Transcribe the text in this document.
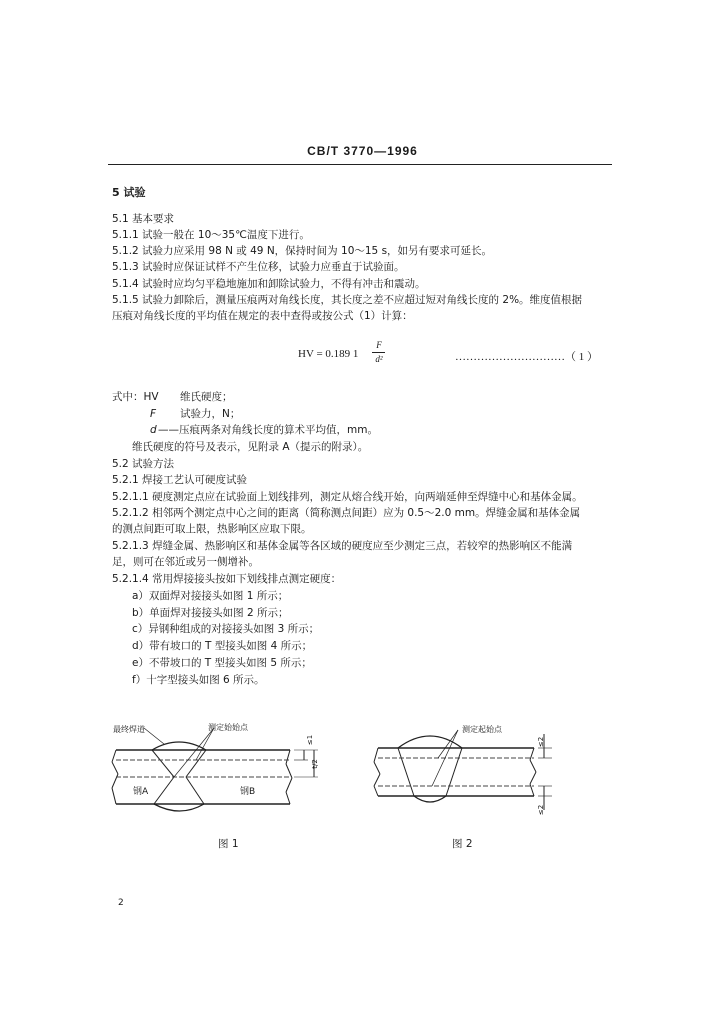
CB/T 3770—1996
5 试验
5.1 基本要求
5.1.1 试验一般在 10～35℃温度下进行。
5.1.2 试验力应采用 98 N 或 49 N，保持时间为 10～15 s，如另有要求可延长。
5.1.3 试验时应保证试样不产生位移，试验力应垂直于试验面。
5.1.4 试验时应均匀平稳地施加和卸除试验力，不得有冲击和震动。
5.1.5 试验力卸除后，测量压痕两对角线长度，其长度之差不应超过短对角线长度的 2%。维度值根据
压痕对角线长度的平均值在规定的表中查得或按公式（1）计算：
HV = 0.189 1
F
d²	…………………………（ 1 ）
式中：HV 维氏硬度；
F 试验力，N；
d ——压痕两条对角线长度的算术平均值，mm。
维氏硬度的符号及表示，见附录 A（提示的附录）。
5.2 试验方法
5.2.1 焊接工艺认可硬度试验
5.2.1.1 硬度测定点应在试验面上划线排列，测定从熔合线开始，向两端延伸至焊缝中心和基体金属。
5.2.1.2 相邻两个测定点中心之间的距离（简称测点间距）应为 0.5～2.0 mm。焊缝金属和基体金属
的测点间距可取上限，热影响区应取下限。
5.2.1.3 焊缝金属、热影响区和基体金属等各区域的硬度应至少测定三点，若较窄的热影响区不能满
足，则可在邻近或另一侧增补。
5.2.1.4 常用焊接接头按如下划线排点测定硬度：
a）双面焊对接接头如图 1 所示；
b）单面焊对接接头如图 2 所示；
c）异钢种组成的对接接头如图 3 所示；
d）带有坡口的 T 型接头如图 4 所示；
e）不带坡口的 T 型接头如图 5 所示；
f）十字型接头如图 6 所示。
最终焊道	测定始始点
钢A	钢B
≤1
t/2
图 1
测定起始点
≤2
≤2
图 2
2
